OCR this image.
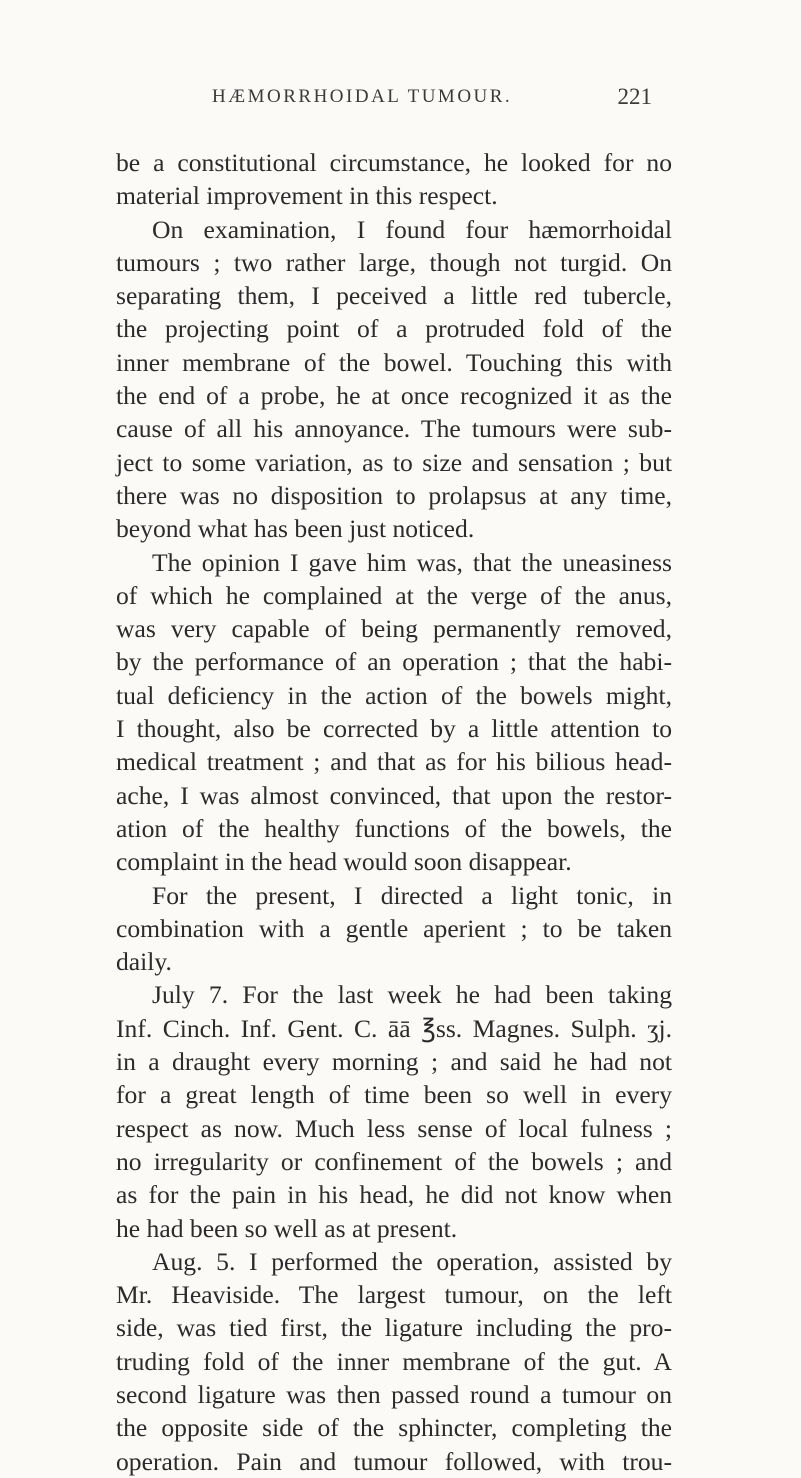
HÆMORRHOIDAL TUMOUR.	221
be a constitutional circumstance, he looked for no
material improvement in this respect.
On examination, I found four hæmorrhoidal
tumours ; two rather large, though not turgid. On
separating them, I peceived a little red tubercle,
the projecting point of a protruded fold of the
inner membrane of the bowel. Touching this with
the end of a probe, he at once recognized it as the
cause of all his annoyance. The tumours were sub-
ject to some variation, as to size and sensation ; but
there was no disposition to prolapsus at any time,
beyond what has been just noticed.
The opinion I gave him was, that the uneasiness
of which he complained at the verge of the anus,
was very capable of being permanently removed,
by the performance of an operation ; that the habi-
tual deficiency in the action of the bowels might,
I thought, also be corrected by a little attention to
medical treatment ; and that as for his bilious head-
ache, I was almost convinced, that upon the restor-
ation of the healthy functions of the bowels, the
complaint in the head would soon disappear.
For the present, I directed a light tonic, in
combination with a gentle aperient ; to be taken
daily.
July 7. For the last week he had been taking
Inf. Cinch. Inf. Gent. C. āā ℥ss. Magnes. Sulph. ʒj.
in a draught every morning ; and said he had not
for a great length of time been so well in every
respect as now. Much less sense of local fulness ;
no irregularity or confinement of the bowels ; and
as for the pain in his head, he did not know when
he had been so well as at present.
Aug. 5. I performed the operation, assisted by
Mr. Heaviside. The largest tumour, on the left
side, was tied first, the ligature including the pro-
truding fold of the inner membrane of the gut. A
second ligature was then passed round a tumour on
the opposite side of the sphincter, completing the
operation. Pain and tumour followed, with trou-
